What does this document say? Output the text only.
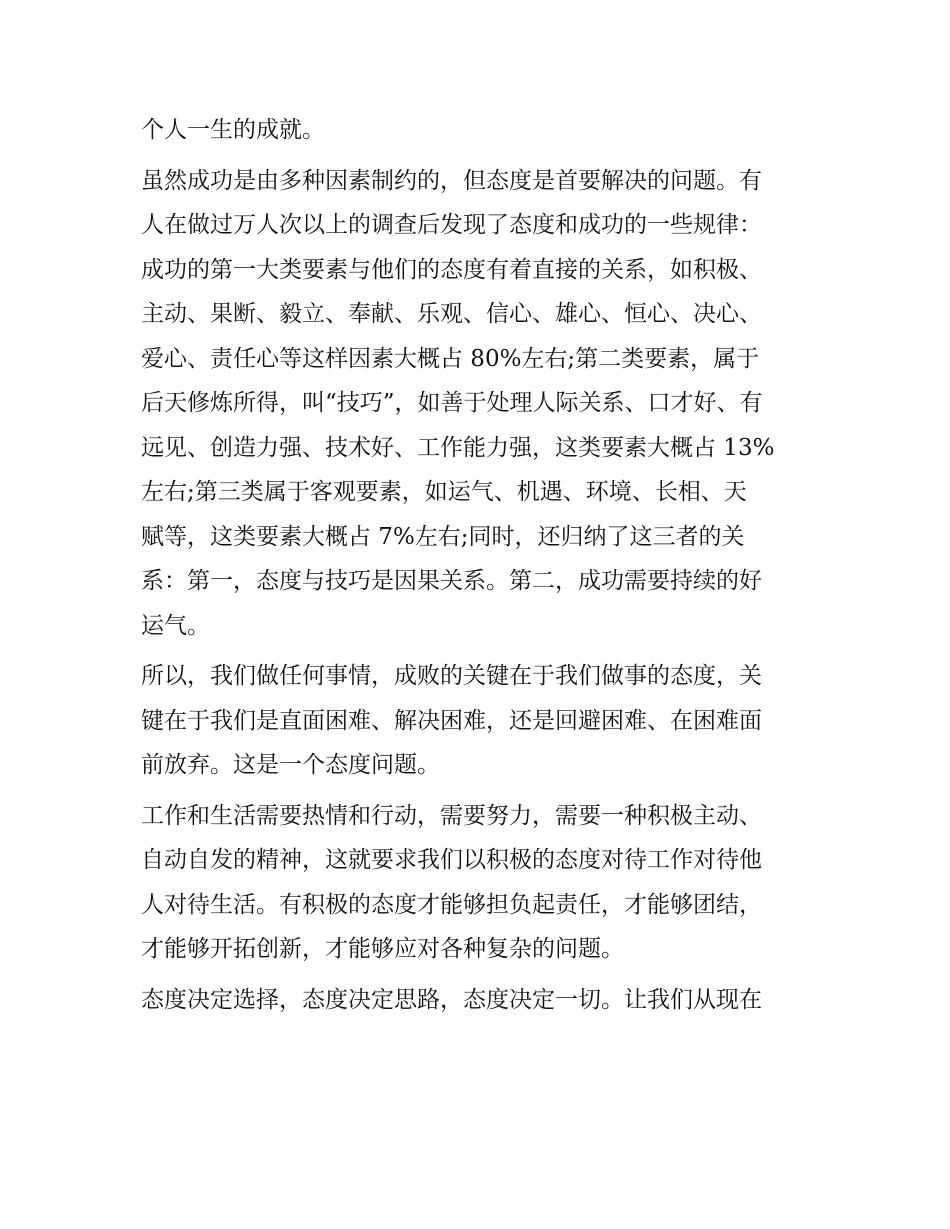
个人一生的成就。
虽然成功是由多种因素制约的，但态度是首要解决的问题。有
人在做过万人次以上的调查后发现了态度和成功的一些规律：
成功的第一大类要素与他们的态度有着直接的关系，如积极、
主动、果断、毅立、奉献、乐观、信心、雄心、恒心、决心、
爱心、责任心等这样因素大概占 80%左右;第二类要素，属于
后天修炼所得，叫“技巧”，如善于处理人际关系、口才好、有
远见、创造力强、技术好、工作能力强，这类要素大概占 13%
左右;第三类属于客观要素，如运气、机遇、环境、长相、天
赋等，这类要素大概占 7%左右;同时，还归纳了这三者的关
系：第一，态度与技巧是因果关系。第二，成功需要持续的好
运气。
所以，我们做任何事情，成败的关键在于我们做事的态度，关
键在于我们是直面困难、解决困难，还是回避困难、在困难面
前放弃。这是一个态度问题。
工作和生活需要热情和行动，需要努力，需要一种积极主动、
自动自发的精神，这就要求我们以积极的态度对待工作对待他
人对待生活。有积极的态度才能够担负起责任，才能够团结，
才能够开拓创新，才能够应对各种复杂的问题。
态度决定选择，态度决定思路，态度决定一切。让我们从现在
